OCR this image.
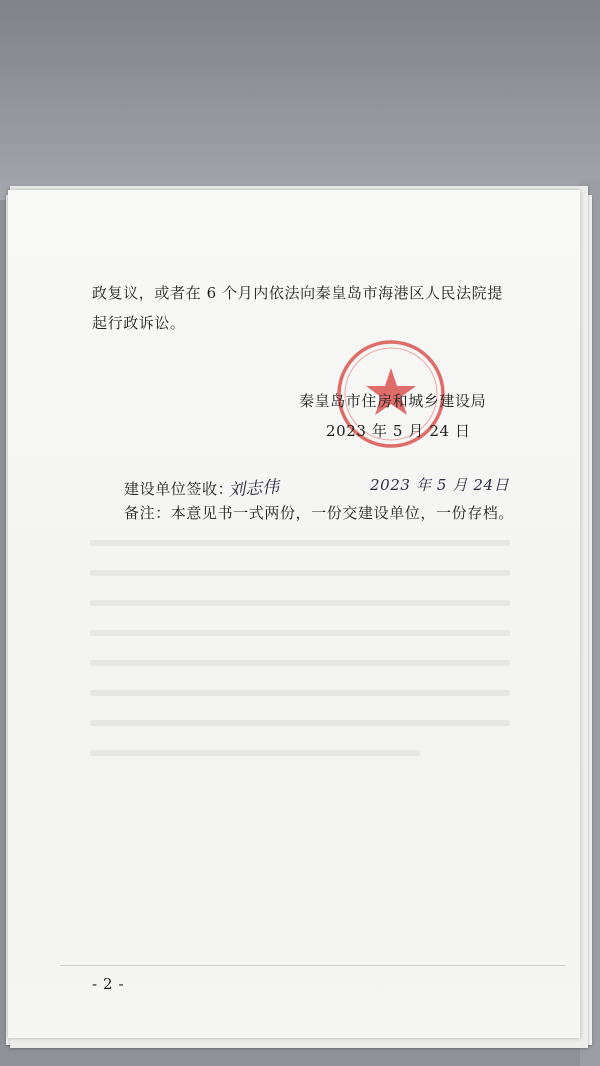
政复议，或者在 6 个月内依法向秦皇岛市海港区人民法院提
起行政诉讼。
秦皇岛市住房和城乡建设局
2023 年 5 月 24 日
建设单位签收：
刘志伟	2023 年 5 月 24日
备注：本意见书一式两份，一份交建设单位，一份存档。
- 2 -
